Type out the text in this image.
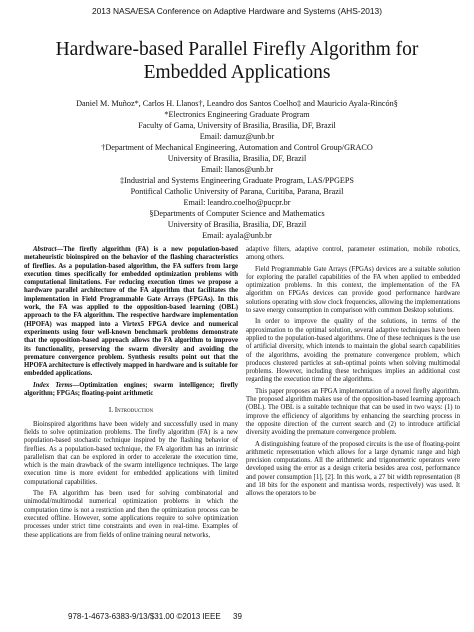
2013 NASA/ESA Conference on Adaptive Hardware and Systems (AHS-2013)
Hardware-based Parallel Firefly Algorithm for
Embedded Applications
Daniel M. Muñoz*, Carlos H. Llanos†, Leandro dos Santos Coelho‡ and Mauricio Ayala-Rincón§
*Electronics Engineering Graduate Program
Faculty of Gama, University of Brasilia, Brasilia, DF, Brazil
Email: damuz@unb.br
†Department of Mechanical Engineering, Automation and Control Group/GRACO
University of Brasilia, Brasilia, DF, Brazil
Email: llanos@unb.br
‡Industrial and Systems Engineering Graduate Program, LAS/PPGEPS
Pontifical Catholic University of Parana, Curitiba, Parana, Brazil
Email: leandro.coelho@pucpr.br
§Departments of Computer Science and Mathematics
University of Brasilia, Brasilia, DF, Brazil
Email: ayala@unb.br

Abstract—The firefly algorithm (FA) is a new population-based metaheuristic bioinspired on the behavior of the flashing characteristics of fireflies. As a population-based algorithm, the FA suffers from large execution times specifically for embedded optimization problems with computational limitations. For reducing execution times we propose a hardware parallel architecture of the FA algorithm that facilitates the implementation in Field Programmable Gate Arrays (FPGAs). In this work, the FA was applied to the opposition-based learning (OBL) approach to the FA algorithm. The respective hardware implementation (HPOFA) was mapped into a Virtex5 FPGA device and numerical experiments using four well-known benchmark problems demonstrate that the opposition-based approach allows the FA algorithm to improve its functionality, preserving the swarm diversity and avoiding the premature convergence problem. Synthesis results point out that the HPOFA architecture is effectively mapped in hardware and is suitable for embedded applications.

Index Terms—Optimization engines; swarm intelligence; firefly algorithm; FPGAs; floating-point arithmetic

I. Introduction

Bioinspired algorithms have been widely and successfully used in many fields to solve optimization problems. The firefly algorithm (FA) is a new population-based stochastic technique inspired by the flashing behavior of fireflies. As a population-based technique, the FA algorithm has an intrinsic parallelism that can be explored in order to accelerate the execution time, which is the main drawback of the swarm intelligence techniques. The large execution time is more evident for embedded applications with limited computational capabilities.

The FA algorithm has been used for solving combinatorial and unimodal/multimodal numerical optimization problems in which the computation time is not a restriction and then the optimization process can be executed offline. However, some applications require to solve optimization processes under strict time constraints and even in real-time. Examples of these applications are from fields of online training neural networks,

adaptive filters, adaptive control, parameter estimation, mobile robotics, among others.

Field Programmable Gate Arrays (FPGAs) devices are a suitable solution for exploring the parallel capabilities of the FA when applied to embedded optimization problems. In this context, the implementation of the FA algorithm on FPGAs devices can provide good performance hardware solutions operating with slow clock frequencies, allowing the implementations to save energy consumption in comparison with common Desktop solutions.

In order to improve the quality of the solutions, in terms of the approximation to the optimal solution, several adaptive techniques have been applied to the population-based algorithms. One of these techniques is the use of artificial diversity, which intends to maintain the global search capabilities of the algorithms, avoiding the premature convergence problem, which produces clustered particles at sub-optimal points when solving multimodal problems. However, including these techniques implies an additional cost regarding the execution time of the algorithms.

This paper proposes an FPGA implementation of a novel firefly algorithm. The proposed algorithm makes use of the opposition-based learning approach (OBL). The OBL is a suitable technique that can be used in two ways: (1) to improve the efficiency of algorithms by enhancing the searching process in the opposite direction of the current search and (2) to introduce artificial diversity avoiding the premature convergence problem.

A distinguishing feature of the proposed circuits is the use of floating-point arithmetic representation which allows for a large dynamic range and high precision computations. All the arithmetic and trigonometric operators were developed using the error as a design criteria besides area cost, performance and power consumption [1], [2]. In this work, a 27 bit width representation (8 and 18 bits for the exponent and mantissa words, respectively) was used. It allows the operators to be

978-1-4673-6383-9/13/$31.00 ©2013 IEEE 39
